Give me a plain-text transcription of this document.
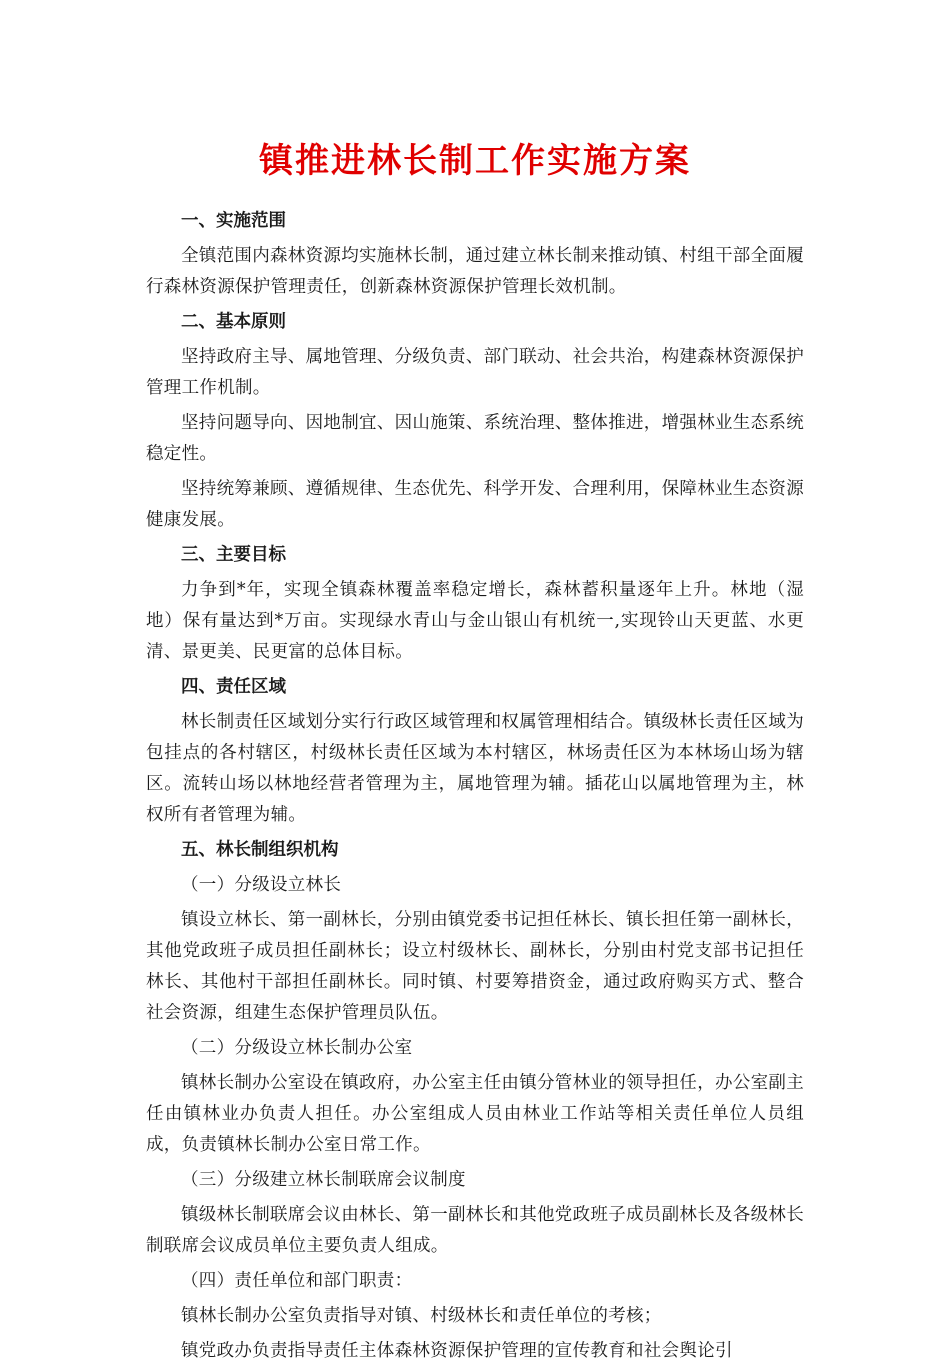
镇推进林长制工作实施方案

一、实施范围

全镇范围内森林资源均实施林长制，通过建立林长制来推动镇、村组干部全面履行森林资源保护管理责任，创新森林资源保护管理长效机制。

二、基本原则

坚持政府主导、属地管理、分级负责、部门联动、社会共治，构建森林资源保护管理工作机制。

坚持问题导向、因地制宜、因山施策、系统治理、整体推进，增强林业生态系统稳定性。

坚持统筹兼顾、遵循规律、生态优先、科学开发、合理利用，保障林业生态资源健康发展。

三、主要目标

力争到*年，实现全镇森林覆盖率稳定增长，森林蓄积量逐年上升。林地（湿地）保有量达到*万亩。实现绿水青山与金山银山有机统一,实现铃山天更蓝、水更清、景更美、民更富的总体目标。

四、责任区域

林长制责任区域划分实行行政区域管理和权属管理相结合。镇级林长责任区域为包挂点的各村辖区，村级林长责任区域为本村辖区，林场责任区为本林场山场为辖区。流转山场以林地经营者管理为主，属地管理为辅。插花山以属地管理为主，林权所有者管理为辅。

五、林长制组织机构

（一）分级设立林长

镇设立林长、第一副林长，分别由镇党委书记担任林长、镇长担任第一副林长，其他党政班子成员担任副林长；设立村级林长、副林长，分别由村党支部书记担任林长、其他村干部担任副林长。同时镇、村要筹措资金，通过政府购买方式、整合社会资源，组建生态保护管理员队伍。

（二）分级设立林长制办公室

镇林长制办公室设在镇政府，办公室主任由镇分管林业的领导担任，办公室副主任由镇林业办负责人担任。办公室组成人员由林业工作站等相关责任单位人员组成，负责镇林长制办公室日常工作。

（三）分级建立林长制联席会议制度

镇级林长制联席会议由林长、第一副林长和其他党政班子成员副林长及各级林长制联席会议成员单位主要负责人组成。

（四）责任单位和部门职责：

镇林长制办公室负责指导对镇、村级林长和责任单位的考核；

镇党政办负责指导责任主体森林资源保护管理的宣传教育和社会舆论引
